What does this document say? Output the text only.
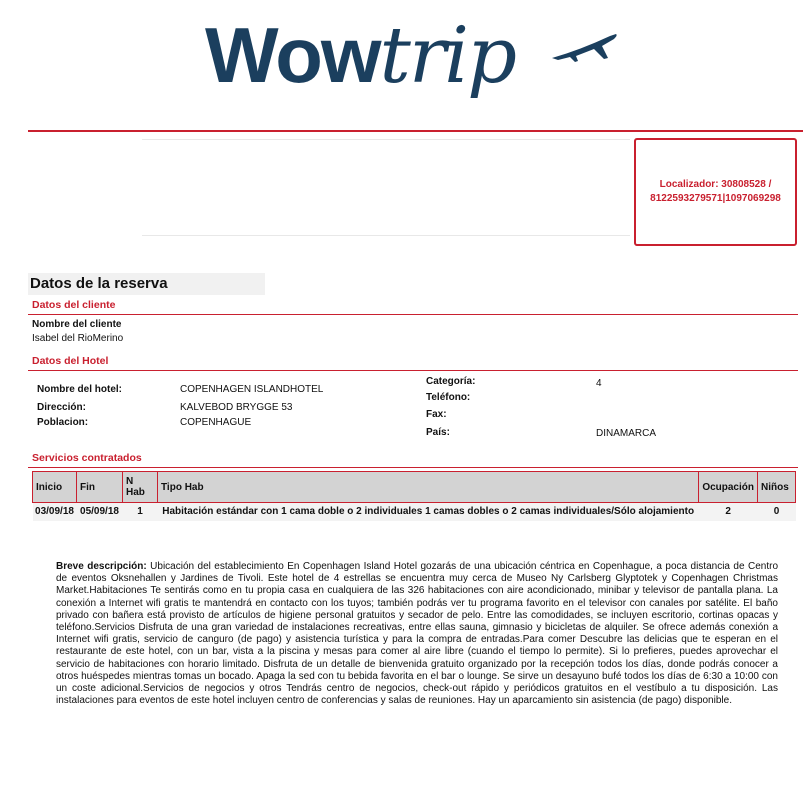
Wowtrip
Localizador: 30808528 / 8122593279571|1097069298
Datos de la reserva
Datos del cliente
Nombre del cliente
Isabel del RioMerino
Datos del Hotel
Nombre del hotel:	COPENHAGEN ISLANDHOTEL
Dirección:	KALVEBOD BRYGGE 53
Poblacion:	COPENHAGUE
Categoría:	4
Teléfono:
Fax:
País:	DINAMARCA
Servicios contratados
Inicio	Fin	N Hab	Tipo Hab	Ocupación	Niños
03/09/18	05/09/18	1	Habitación estándar con 1 cama doble o 2 individuales 1 camas dobles o 2 camas individuales/Sólo alojamiento	2	0
Breve descripción: Ubicación del establecimiento En Copenhagen Island Hotel gozarás de una ubicación céntrica en Copenhague, a poca distancia de Centro de eventos Oksnehallen y Jardines de Tivoli. Este hotel de 4 estrellas se encuentra muy cerca de Museo Ny Carlsberg Glyptotek y Copenhagen Christmas Market.Habitaciones Te sentirás como en tu propia casa en cualquiera de las 326 habitaciones con aire acondicionado, minibar y televisor de pantalla plana. La conexión a Internet wifi gratis te mantendrá en contacto con los tuyos; también podrás ver tu programa favorito en el televisor con canales por satélite. El baño privado con bañera está provisto de artículos de higiene personal gratuitos y secador de pelo. Entre las comodidades, se incluyen escritorio, cortinas opacas y teléfono.Servicios Disfruta de una gran variedad de instalaciones recreativas, entre ellas sauna, gimnasio y bicicletas de alquiler. Se ofrece además conexión a Internet wifi gratis, servicio de canguro (de pago) y asistencia turística y para la compra de entradas.Para comer Descubre las delicias que te esperan en el restaurante de este hotel, con un bar, vista a la piscina y mesas para comer al aire libre (cuando el tiempo lo permite). Si lo prefieres, puedes aprovechar el servicio de habitaciones con horario limitado. Disfruta de un detalle de bienvenida gratuito organizado por la recepción todos los días, donde podrás conocer a otros huéspedes mientras tomas un bocado. Apaga la sed con tu bebida favorita en el bar o lounge. Se sirve un desayuno bufé todos los días de 6:30 a 10:00 con un coste adicional.Servicios de negocios y otros Tendrás centro de negocios, check-out rápido y periódicos gratuitos en el vestíbulo a tu disposición. Las instalaciones para eventos de este hotel incluyen centro de conferencias y salas de reuniones. Hay un aparcamiento sin asistencia (de pago) disponible.
